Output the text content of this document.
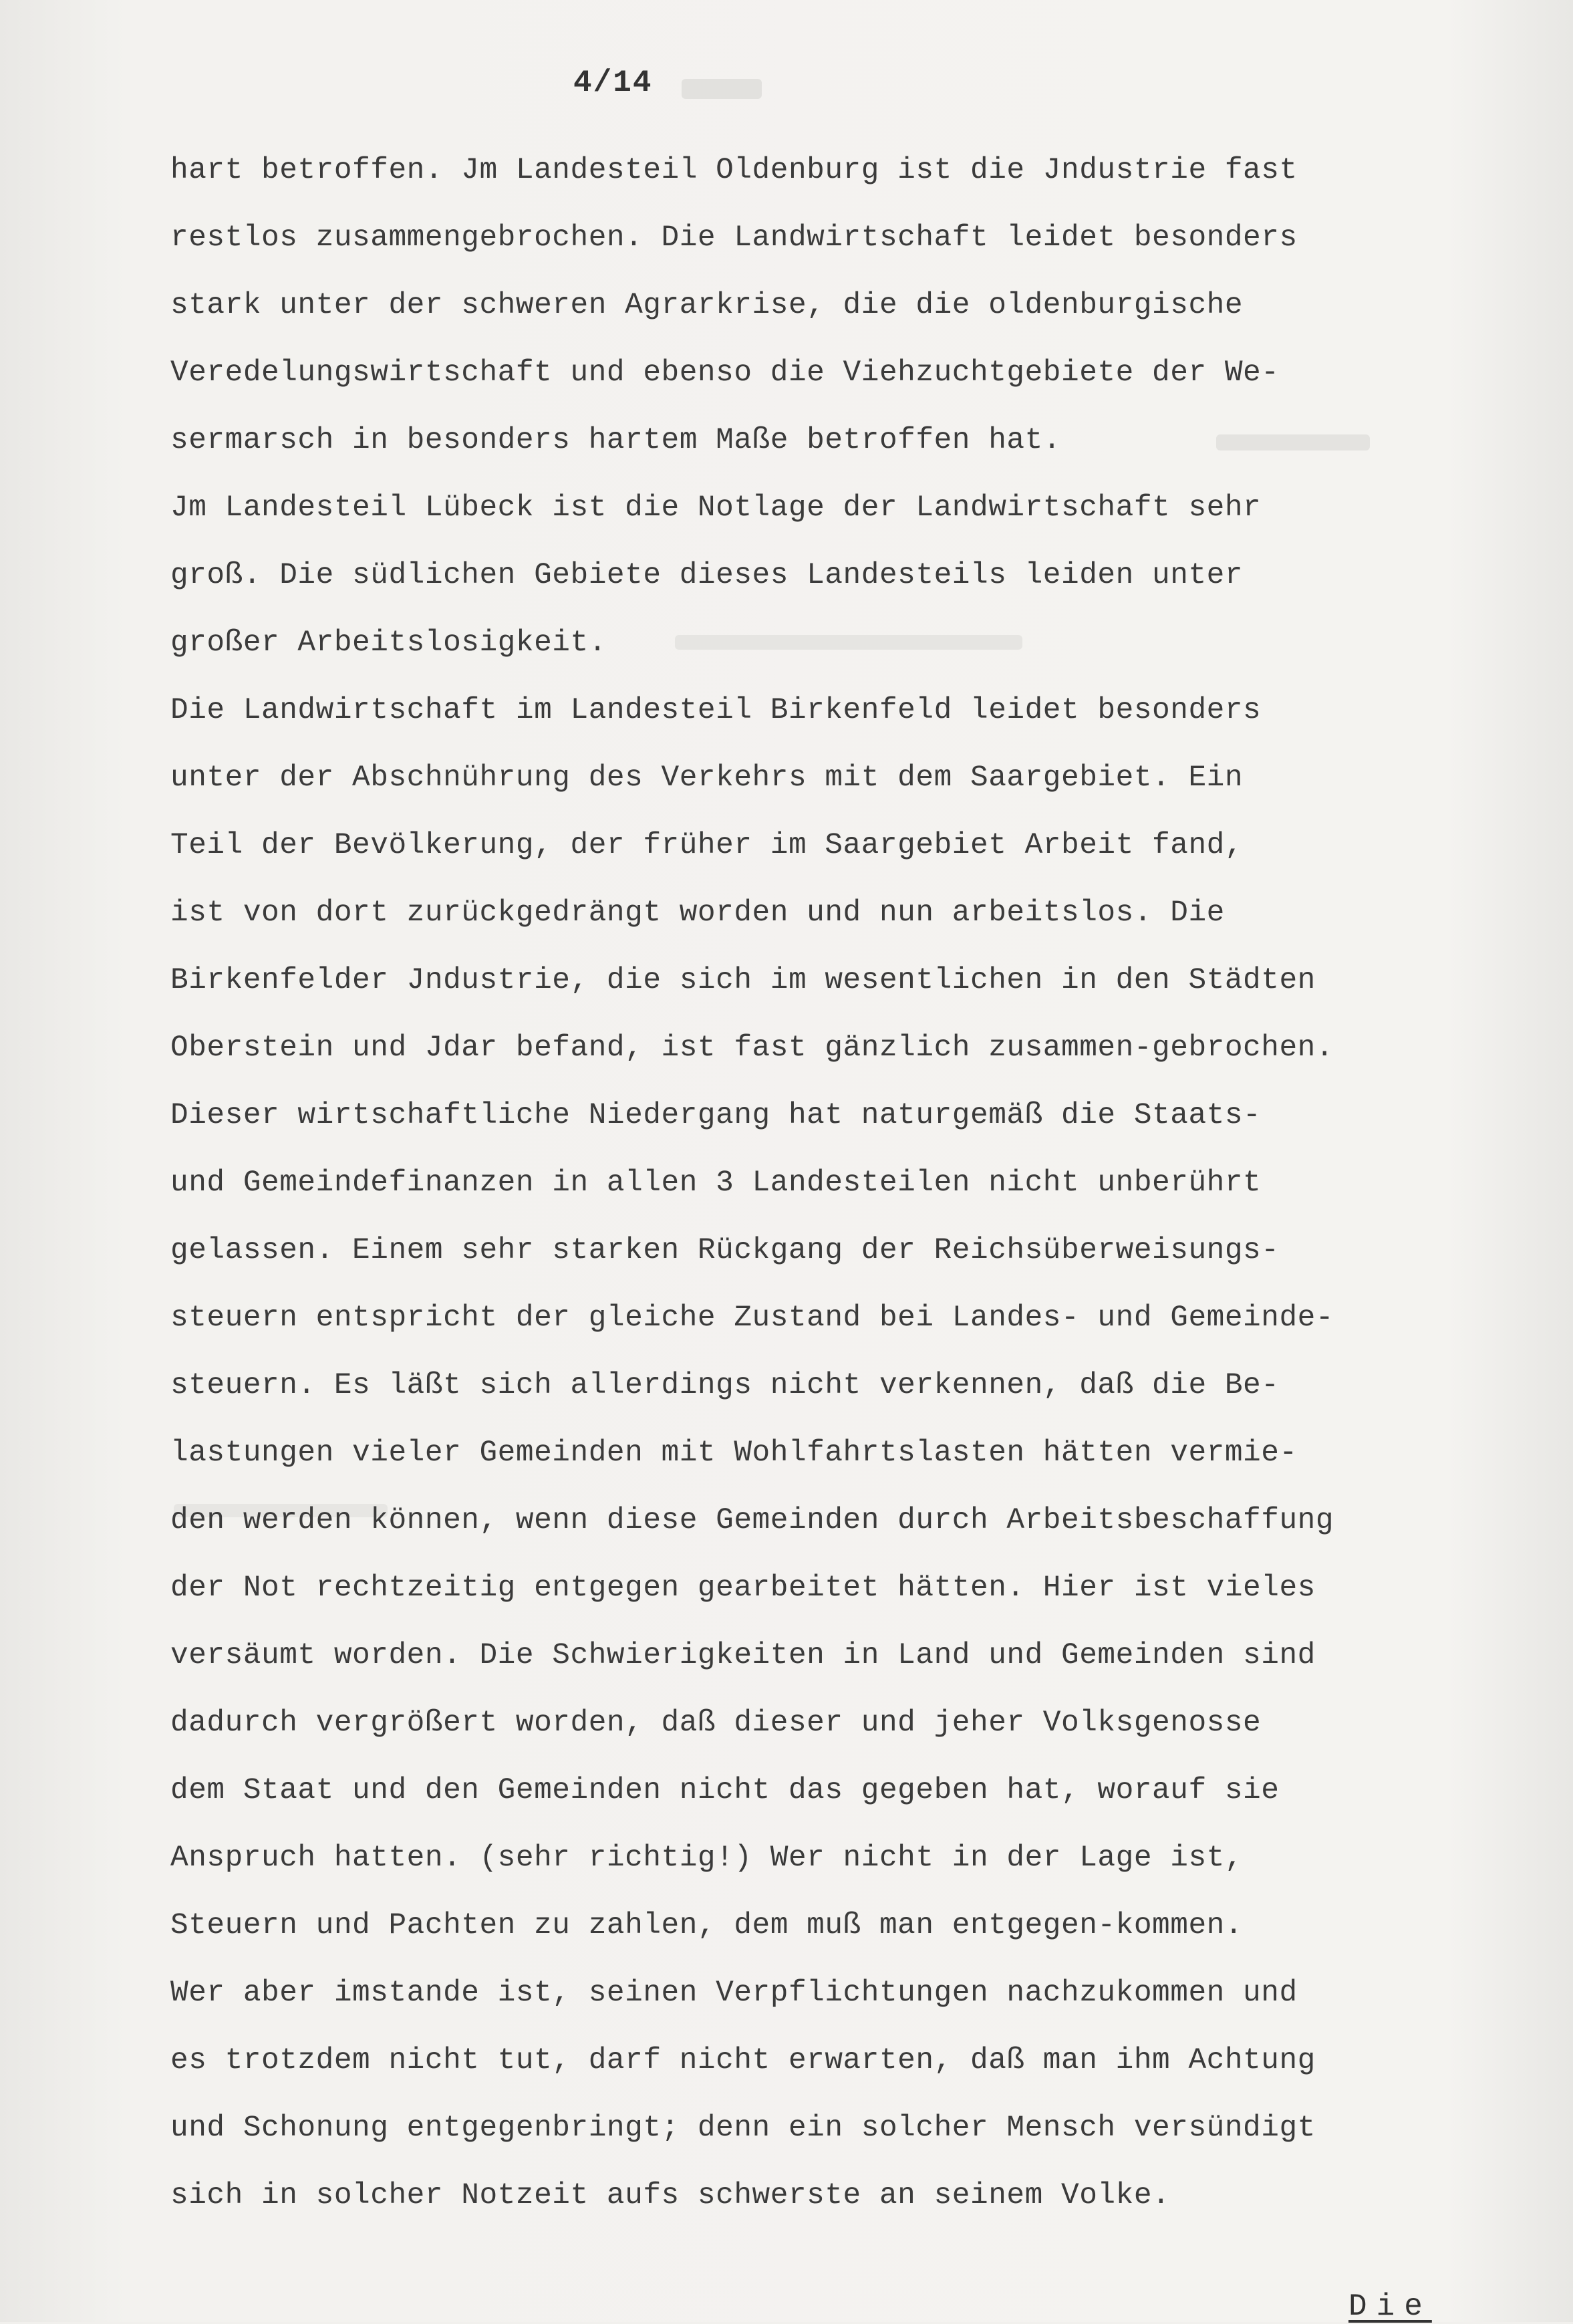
4/14
hart betroffen. Jm Landesteil Oldenburg ist die Jndustrie fast
restlos zusammengebrochen. Die Landwirtschaft leidet besonders
stark unter der schweren Agrarkrise, die die oldenburgische
Veredelungswirtschaft und ebenso die Viehzuchtgebiete der We-
sermarsch in besonders hartem Maße betroffen hat.
Jm Landesteil Lübeck ist die Notlage der Landwirtschaft sehr
groß. Die südlichen Gebiete dieses Landesteils leiden unter
großer Arbeitslosigkeit.
Die Landwirtschaft im Landesteil Birkenfeld leidet besonders
unter der Abschnührung des Verkehrs mit dem Saargebiet. Ein
Teil der Bevölkerung, der früher im Saargebiet Arbeit fand,
ist von dort zurückgedrängt worden und nun arbeitslos. Die
Birkenfelder Jndustrie, die sich im wesentlichen in den Städten
Oberstein und Jdar befand, ist fast gänzlich zusammen-gebrochen.
Dieser wirtschaftliche Niedergang hat naturgemäß die Staats-
und Gemeindefinanzen in allen 3 Landesteilen nicht unberührt
gelassen. Einem sehr starken Rückgang der Reichsüberweisungs-
steuern entspricht der gleiche Zustand bei Landes- und Gemeinde-
steuern. Es läßt sich allerdings nicht verkennen, daß die Be-
lastungen vieler Gemeinden mit Wohlfahrtslasten hätten vermie-
den werden können, wenn diese Gemeinden durch Arbeitsbeschaffung
der Not rechtzeitig entgegen gearbeitet hätten. Hier ist vieles
versäumt worden. Die Schwierigkeiten in Land und Gemeinden sind
dadurch vergrößert worden, daß dieser und jeher Volksgenosse
dem Staat und den Gemeinden nicht das gegeben hat, worauf sie
Anspruch hatten. (sehr richtig!) Wer nicht in der Lage ist,
Steuern und Pachten zu zahlen, dem muß man entgegen-kommen.
Wer aber imstande ist, seinen Verpflichtungen nachzukommen und
es trotzdem nicht tut, darf nicht erwarten, daß man ihm Achtung
und Schonung entgegenbringt; denn ein solcher Mensch versündigt
sich in solcher Notzeit aufs schwerste an seinem Volke.
Die
